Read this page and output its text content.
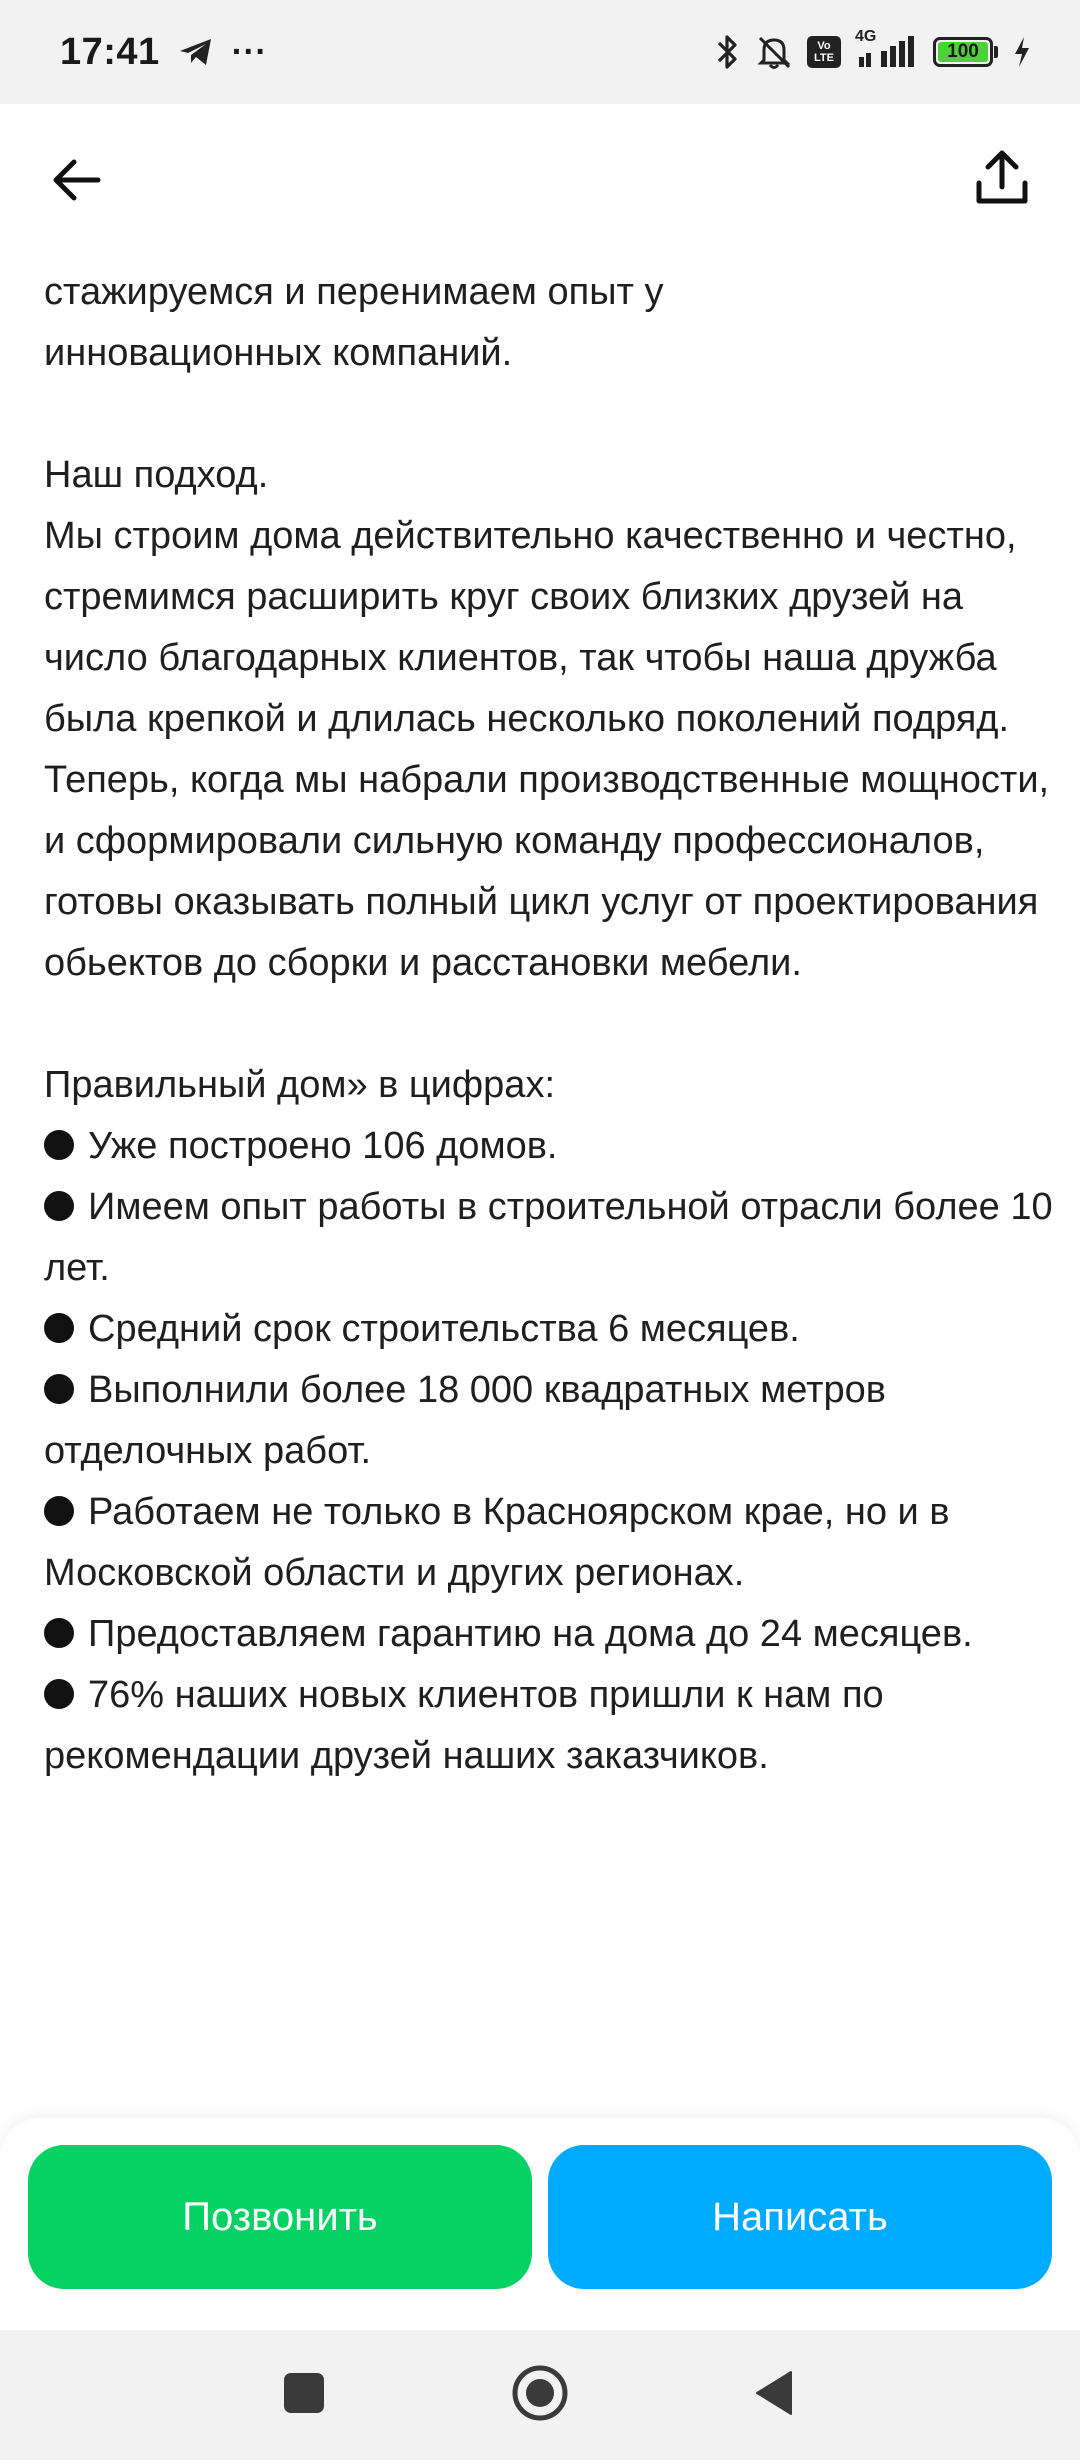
17:41 ···	Vo
LTE
4G
100

стажируемся и перенимаем опыт у

инновационных компаний.

Наш подход.

Мы строим дома действительно качественно и честно, стремимся расширить круг своих близких друзей на число благодарных клиентов, так чтобы наша дружба была крепкой и длилась несколько поколений подряд.

Теперь, когда мы набрали производственные мощности, и сформировали сильную команду профессионалов, готовы оказывать полный цикл услуг от проектирования обьектов до сборки и расстановки мебели.

Правильный дом» в цифрах:

Уже построено 106 домов.

Имеем опыт работы в строительной отрасли более 10 лет.

Средний срок строительства 6 месяцев.

Выполнили более 18 000 квадратных метров отделочных работ.

Работаем не только в Красноярском крае, но и в Московской области и других регионах.

Предоставляем гарантию на дома до 24 месяцев.

76% наших новых клиентов пришли к нам по рекомендации друзей наших заказчиков.

Позвонить	Написать
